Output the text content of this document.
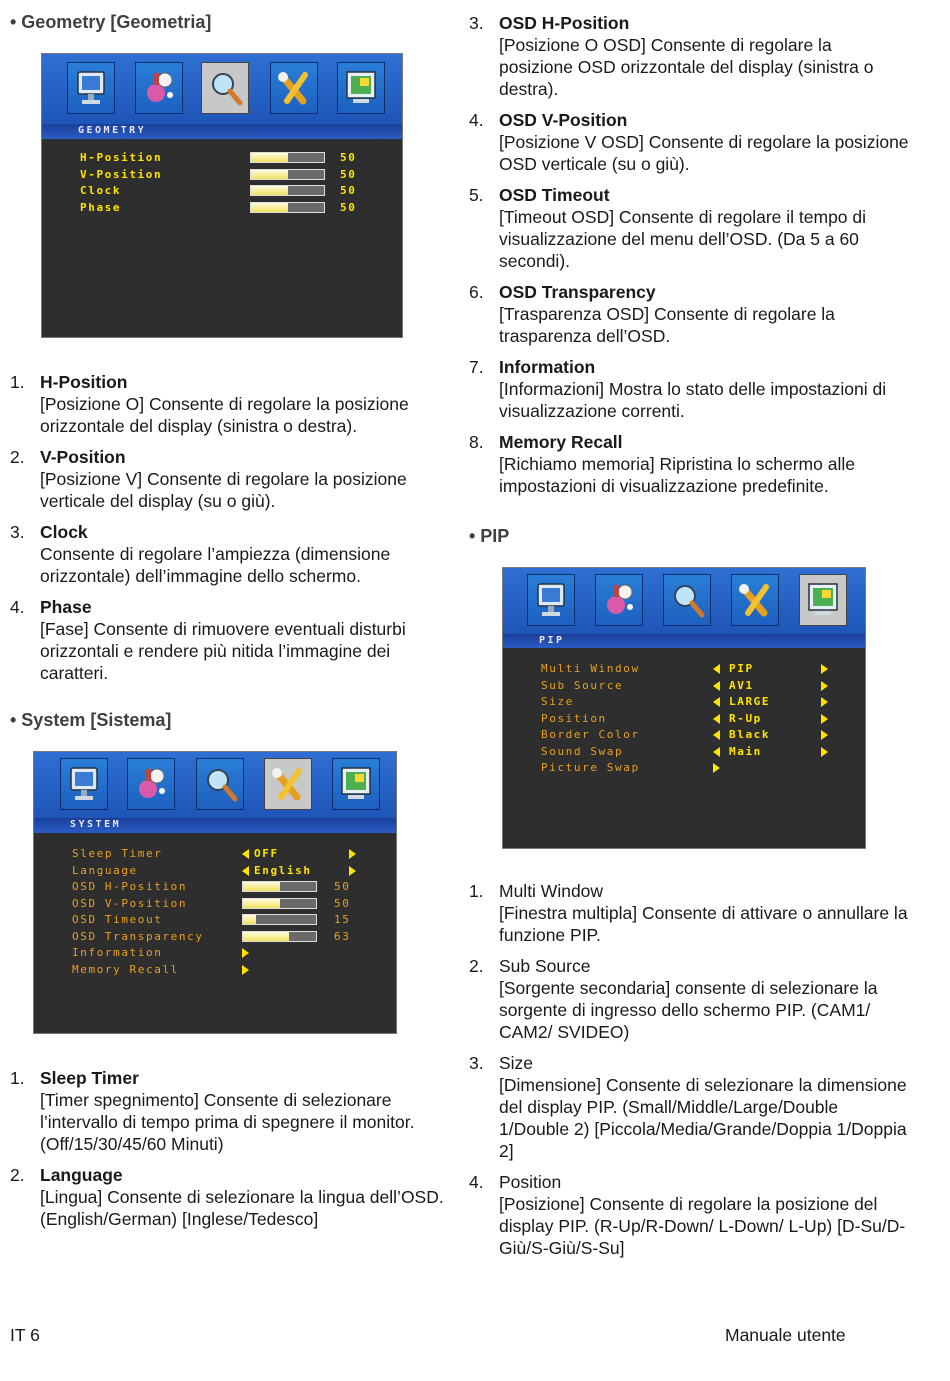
• Geometry [Geometria]
GEOMETRY
H-Position	50
V-Position	50
Clock	50
Phase	50
1. H-Position
[Posizione O] Consente di regolare la posizione orizzontale del display (sinistra o destra).
2. V-Position
[Posizione V] Consente di regolare la posizione verticale del display (su o giù).
3. Clock
Consente di regolare l’ampiezza (dimensione orizzontale) dell’immagine dello schermo.
4. Phase
[Fase] Consente di rimuovere eventuali disturbi orizzontali e rendere più nitida l’immagine dei caratteri.
• System [Sistema]
SYSTEM
Sleep Timer	OFF
Language	English
OSD H-Position	50
OSD V-Position	50
OSD Timeout	15
OSD Transparency	63
Information
Memory Recall
1. Sleep Timer
[Timer spegnimento] Consente di selezionare l’intervallo di tempo prima di spegnere il monitor. (Off/15/30/45/60 Minuti)
2. Language
[Lingua] Consente di selezionare la lingua dell’OSD. (English/German) [Inglese/Tedesco]
3. OSD H-Position
[Posizione O OSD] Consente di regolare la posizione OSD orizzontale del display (sinistra o destra).
4. OSD V-Position
[Posizione V OSD] Consente di regolare la posizione OSD verticale (su o giù).
5. OSD Timeout
[Timeout OSD] Consente di regolare il tempo di visualizzazione del menu dell’OSD. (Da 5 a 60 secondi).
6. OSD Transparency
[Trasparenza OSD] Consente di regolare la trasparenza dell’OSD.
7. Information
[Informazioni] Mostra lo stato delle impostazioni di visualizzazione correnti.
8. Memory Recall
[Richiamo memoria] Ripristina lo schermo alle impostazioni di visualizzazione predefinite.
• PIP
PIP
Multi Window	PIP
Sub Source	AV1
Size	LARGE
Position	R-Up
Border Color	Black
Sound Swap	Main
Picture Swap
1. Multi Window
[Finestra multipla] Consente di attivare o annullare la funzione PIP.
2. Sub Source
[Sorgente secondaria] consente di selezionare la sorgente di ingresso dello schermo PIP. (CAM1/ CAM2/ SVIDEO)
3. Size
[Dimensione] Consente di selezionare la dimensione del display PIP. (Small/Middle/Large/Double 1/Double 2) [Piccola/Media/Grande/Doppia 1/Doppia 2]
4. Position
[Posizione] Consente di regolare la posizione del display PIP. (R-Up/R-Down/ L-Down/ L-Up) [D-Su/D-Giù/S-Giù/S-Su]
IT 6	Manuale utente
